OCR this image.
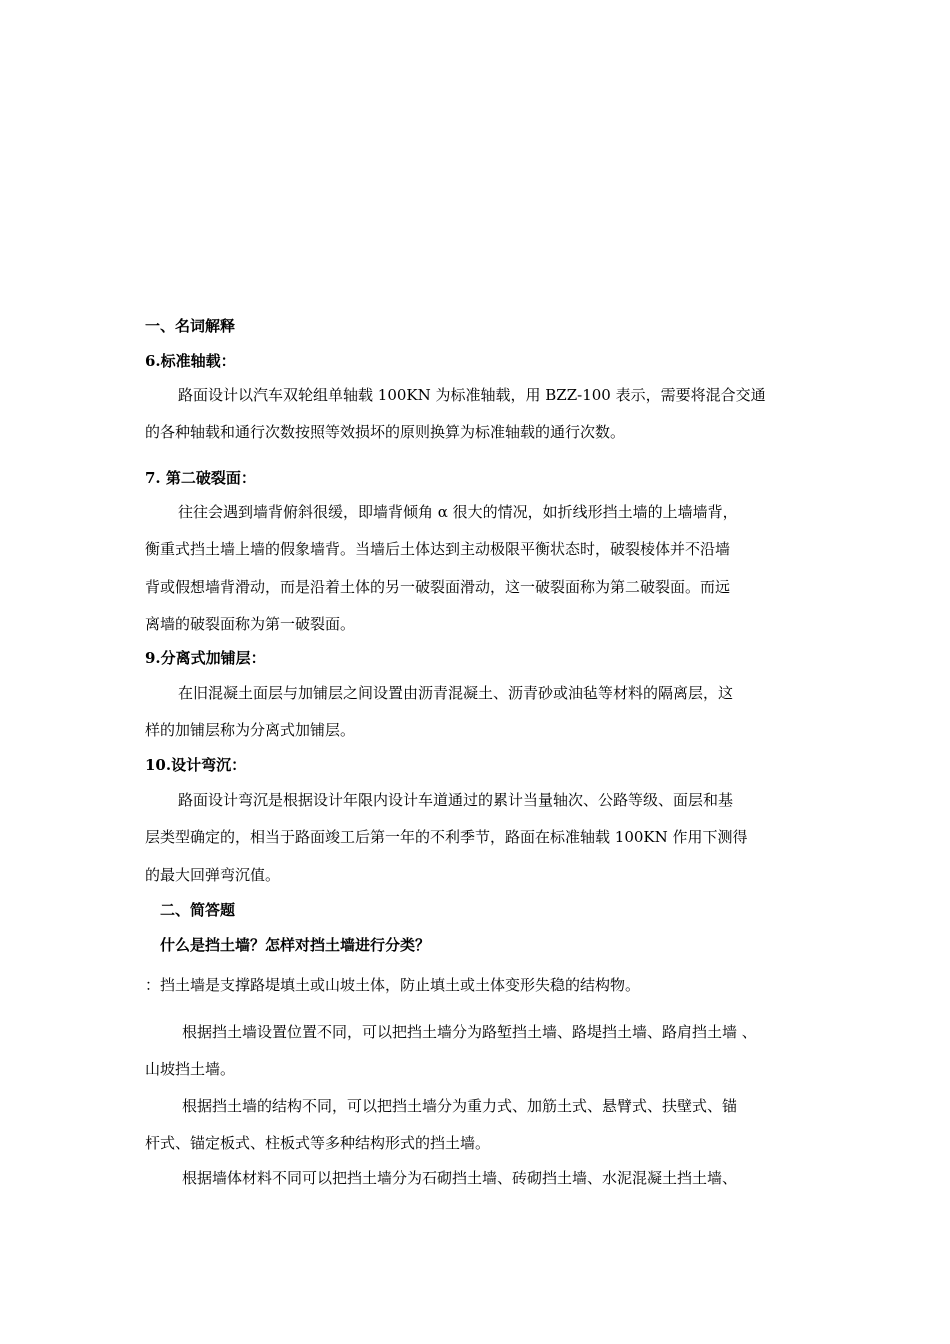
一、名词解释
6.标准轴载：
路面设计以汽车双轮组单轴载 100KN 为标准轴载，用 BZZ-100 表示，需要将混合交通
的各种轴载和通行次数按照等效损坏的原则换算为标准轴载的通行次数。
7. 第二破裂面：
往往会遇到墙背俯斜很缓，即墙背倾角 α 很大的情况，如折线形挡土墙的上墙墙背，
衡重式挡土墙上墙的假象墙背。当墙后土体达到主动极限平衡状态时，破裂棱体并不沿墙
背或假想墙背滑动，而是沿着土体的另一破裂面滑动，这一破裂面称为第二破裂面。而远
离墙的破裂面称为第一破裂面。
9.分离式加铺层：
在旧混凝土面层与加铺层之间设置由沥青混凝土、沥青砂或油毡等材料的隔离层，这
样的加铺层称为分离式加铺层。
10.设计弯沉：
路面设计弯沉是根据设计年限内设计车道通过的累计当量轴次、公路等级、面层和基
层类型确定的，相当于路面竣工后第一年的不利季节，路面在标准轴载 100KN 作用下测得
的最大回弹弯沉值。
二、简答题
什么是挡土墙？怎样对挡土墙进行分类？
：挡土墙是支撑路堤填土或山坡土体，防止填土或土体变形失稳的结构物。
根据挡土墙设置位置不同，可以把挡土墙分为路堑挡土墙、路堤挡土墙、路肩挡土墙 、
山坡挡土墙。
根据挡土墙的结构不同，可以把挡土墙分为重力式、加筋土式、悬臂式、扶壁式、锚
杆式、锚定板式、柱板式等多种结构形式的挡土墙。
根据墙体材料不同可以把挡土墙分为石砌挡土墙、砖砌挡土墙、水泥混凝土挡土墙、
